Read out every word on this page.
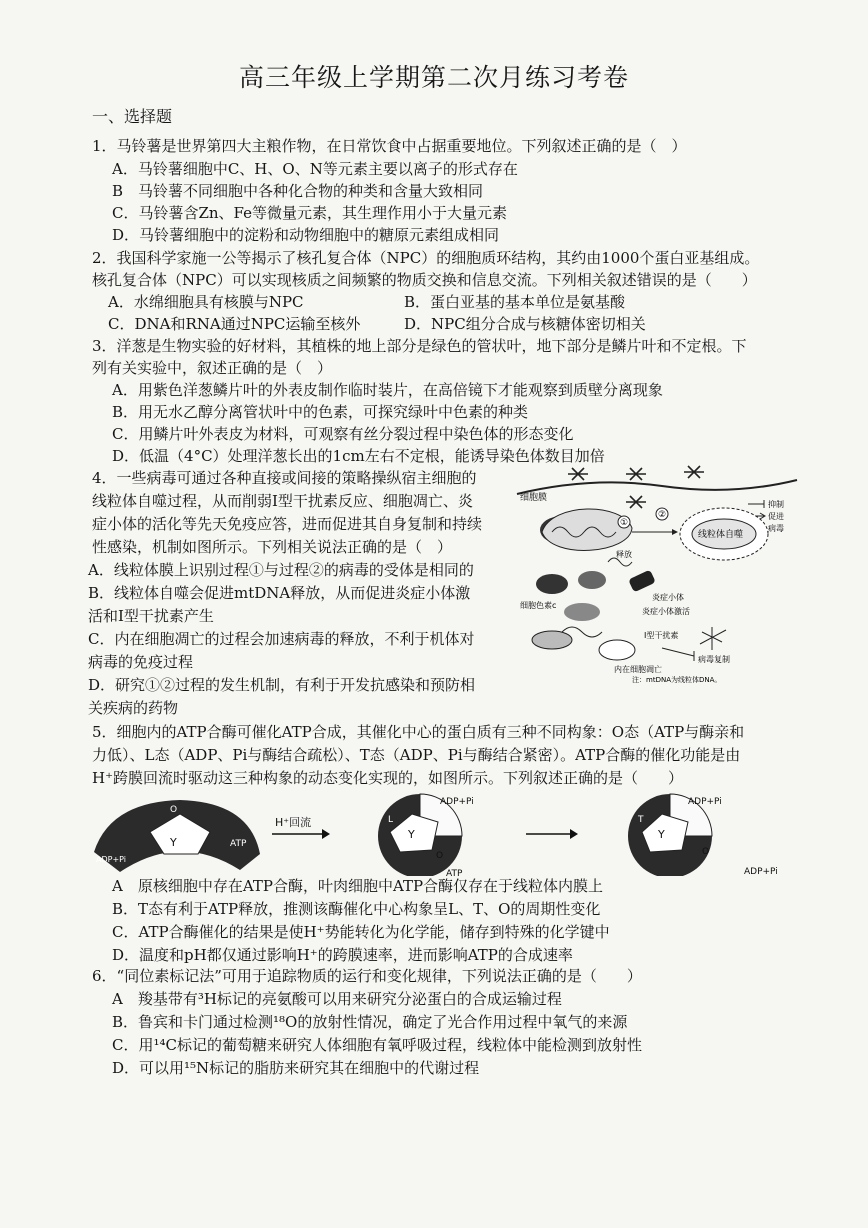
高三年级上学期第二次月练习考卷
一、选择题
1．马铃薯是世界第四大主粮作物，在日常饮食中占据重要地位。下列叙述正确的是（　）
A．马铃薯细胞中C、H、O、N等元素主要以离子的形式存在
B　马铃薯不同细胞中各种化合物的种类和含量大致相同
C．马铃薯含Zn、Fe等微量元素，其生理作用小于大量元素
D．马铃薯细胞中的淀粉和动物细胞中的糖原元素组成相同
2．我国科学家施一公等揭示了核孔复合体（NPC）的细胞质环结构，其约由1000个蛋白亚基组成。
核孔复合体（NPC）可以实现核质之间频繁的物质交换和信息交流。下列相关叙述错误的是（　　）
A．水绵细胞具有核膜与NPC	B．蛋白亚基的基本单位是氨基酸
C．DNA和RNA通过NPC运输至核外	D．NPC组分合成与核糖体密切相关
3．洋葱是生物实验的好材料，其植株的地上部分是绿色的管状叶，地下部分是鳞片叶和不定根。下
列有关实验中，叙述正确的是（　）
A．用紫色洋葱鳞片叶的外表皮制作临时装片，在高倍镜下才能观察到质壁分离现象
B．用无水乙醇分离管状叶中的色素，可探究绿叶中色素的种类
C．用鳞片叶外表皮为材料，可观察有丝分裂过程中染色体的形态变化
D．低温（4°C）处理洋葱长出的1cm左右不定根，能诱导染色体数目加倍
4．一些病毒可通过各种直接或间接的策略操纵宿主细胞的
线粒体自噬过程，从而削弱I型干扰素反应、细胞凋亡、炎
症小体的活化等先天免疫应答，进而促进其自身复制和持续
性感染，机制如图所示。下列相关说法正确的是（　）
A．线粒体膜上识别过程①与过程②的病毒的受体是相同的
B．线粒体自噬会促进mtDNA释放，从而促进炎症小体激
活和I型干扰素产生
C．内在细胞凋亡的过程会加速病毒的释放，不利于机体对
病毒的免疫过程
D．研究①②过程的发生机制，有利于开发抗感染和预防相
关疾病的药物
细胞膜
抑制
促进
病毒
①
②
线粒体自噬
释放
炎症小体
炎症小体激活
细胞色素c
I型干扰素
内在细胞凋亡
病毒复制
注：mtDNA为线粒体DNA。
5．细胞内的ATP合酶可催化ATP合成，其催化中心的蛋白质有三种不同构象：O态（ATP与酶亲和
力低）、L态（ADP、Pi与酶结合疏松）、T态（ADP、Pi与酶结合紧密）。ATP合酶的催化功能是由
H⁺跨膜回流时驱动这三种构象的动态变化实现的，如图所示。下列叙述正确的是（　　）
Y
O
ADP+Pi
ATP
H⁺回流
Y
ADP+Pi
L
O
ATP
Y
ADP+Pi
T
O
ADP+Pi
A　原核细胞中存在ATP合酶，叶肉细胞中ATP合酶仅存在于线粒体内膜上
B．T态有利于ATP释放，推测该酶催化中心构象呈L、T、O的周期性变化
C．ATP合酶催化的结果是使H⁺势能转化为化学能，储存到特殊的化学键中
D．温度和pH都仅通过影响H⁺的跨膜速率，进而影响ATP的合成速率
6．“同位素标记法”可用于追踪物质的运行和变化规律，下列说法正确的是（　　）
A　羧基带有³H标记的亮氨酸可以用来研究分泌蛋白的合成运输过程
B．鲁宾和卡门通过检测¹⁸O的放射性情况，确定了光合作用过程中氧气的来源
C．用¹⁴C标记的葡萄糖来研究人体细胞有氧呼吸过程，线粒体中能检测到放射性
D．可以用¹⁵N标记的脂肪来研究其在细胞中的代谢过程
